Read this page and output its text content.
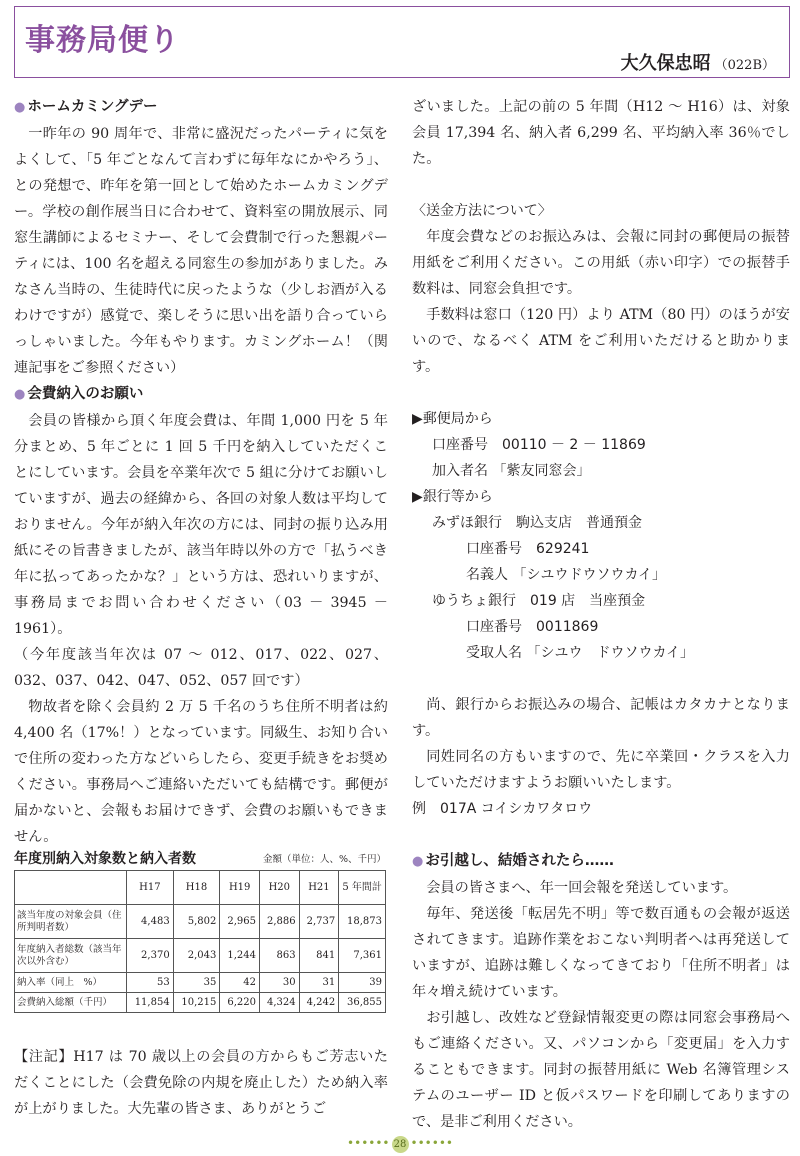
事務局便り
大久保忠昭 （022B）
● ホームカミングデー

一昨年の 90 周年で、非常に盛況だったパーティに気をよくして、「5 年ごとなんて言わずに毎年なにかやろう」、との発想で、昨年を第一回として始めたホームカミングデー。学校の創作展当日に合わせて、資料室の開放展示、同窓生講師によるセミナー、そして会費制で行った懇親パーティには、100 名を超える同窓生の参加がありました。みなさん当時の、生徒時代に戻ったような（少しお酒が入るわけですが）感覚で、楽しそうに思い出を語り合っていらっしゃいました。今年もやります。カミングホーム！（関連記事をご参照ください）

● 会費納入のお願い

会員の皆様から頂く年度会費は、年間 1,000 円を 5 年分まとめ、5 年ごとに 1 回 5 千円を納入していただくことにしています。会員を卒業年次で 5 組に分けてお願いしていますが、過去の経緯から、各回の対象人数は平均しておりません。今年が納入年次の方には、同封の振り込み用紙にその旨書きましたが、該当年時以外の方で「払うべき年に払ってあったかな？」という方は、恐れいりますが、事務局までお問い合わせください（03 － 3945 － 1961）。

（今年度該当年次は 07 ～ 012、017、022、027、032、037、042、047、052、057 回です）

物故者を除く会員約 2 万 5 千名のうち住所不明者は約 4,400 名（17%！）となっています。同級生、お知り合いで住所の変わった方などいらしたら、変更手続きをお奨めください。事務局へご連絡いただいても結構です。郵便が届かないと、会報もお届けできず、会費のお願いもできません。

年度別納入対象数と納入者数	金額（単位：人、%、千円）
	H17	H18	H19	H20	H21	5 年間計
該当年度の対象会員（住所判明者数）	4,483	5,802	2,965	2,886	2,737	18,873
年度納入者総数（該当年次以外含む）	2,370	2,043	1,244	863	841	7,361
納入率（同上　%）	53	35	42	30	31	39
会費納入総額（千円）	11,854	10,215	6,220	4,324	4,242	36,855

【注記】H17 は 70 歳以上の会員の方からもご芳志いただくことにした（会費免除の内規を廃止した）ため納入率が上がりました。大先輩の皆さま、ありがとうご

ざいました。上記の前の 5 年間（H12 ～ H16）は、対象会員 17,394 名、納入者 6,299 名、平均納入率 36％でした。

〈送金方法について〉

年度会費などのお振込みは、会報に同封の郵便局の振替用紙をご利用ください。この用紙（赤い印字）での振替手数料は、同窓会負担です。

手数料は窓口（120 円）より ATM（80 円）のほうが安いので、なるべく ATM をご利用いただけると助かります。

▶郵便局から
口座番号　00110 － 2 － 11869
加入者名 「紫友同窓会」
▶銀行等から
みずほ銀行　駒込支店　普通預金
口座番号　629241
名義人 「シユウドウソウカイ」
ゆうちょ銀行　019 店　当座預金
口座番号　0011869
受取人名 「シユウ　ドウソウカイ」

尚、銀行からお振込みの場合、記帳はカタカナとなります。

同姓同名の方もいますので、先に卒業回・クラスを入力していただけますようお願いいたします。

例　017A コイシカワタロウ
● お引越し、結婚されたら……

会員の皆さまへ、年一回会報を発送しています。

毎年、発送後「転居先不明」等で数百通もの会報が返送されてきます。追跡作業をおこない判明者へは再発送していますが、追跡は難しくなってきており「住所不明者」は年々増え続けています。

お引越し、改姓など登録情報変更の際は同窓会事務局へもご連絡ください。又、パソコンから「変更届」を入力することもできます。同封の振替用紙に Web 名簿管理システムのユーザー ID と仮パスワードを印刷してありますので、是非ご利用ください。

•••••• 28 ••••••
